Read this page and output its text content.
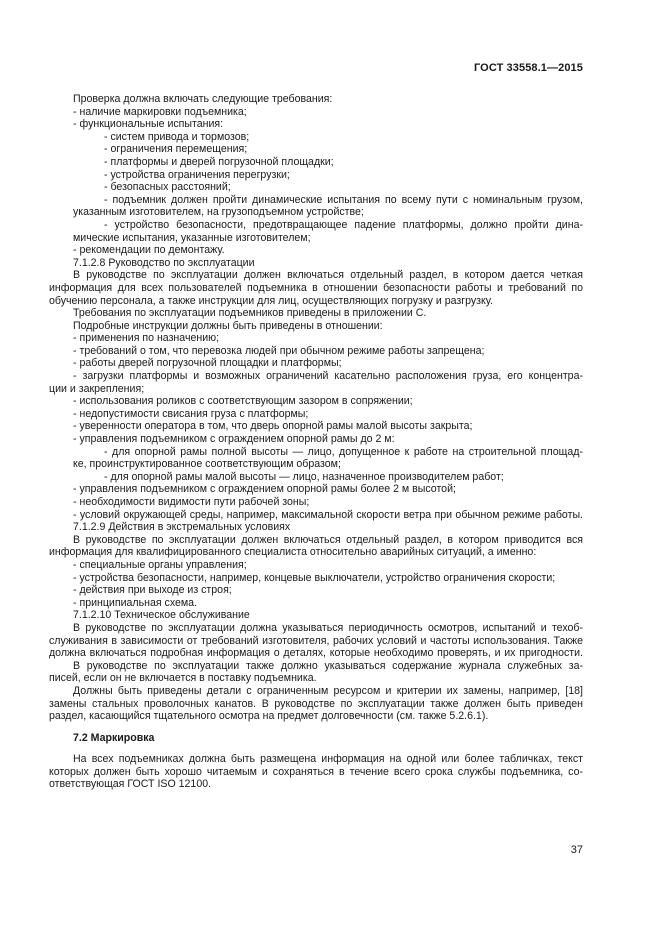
ГОСТ 33558.1—2015
Проверка должна включать следующие требования:
- наличие маркировки подъемника;
- функциональные испытания:
- систем привода и тормозов;
- ограничения перемещения;
- платформы и дверей погрузочной площадки;
- устройства ограничения перегрузки;
- безопасных расстояний;
- подъемник должен пройти динамические испытания по всему пути с номинальным грузом,
указанным изготовителем, на грузоподъемном устройстве;
- устройство безопасности, предотвращающее падение платформы, должно пройти дина-
мические испытания, указанные изготовителем;
- рекомендации по демонтажу.
7.1.2.8 Руководство по эксплуатации
В руководстве по эксплуатации должен включаться отдельный раздел, в котором дается четкая
информация для всех пользователей подъемника в отношении безопасности работы и требований по
обучению персонала, а также инструкции для лиц, осуществляющих погрузку и разгрузку.
Требования по эксплуатации подъемников приведены в приложении С.
Подробные инструкции должны быть приведены в отношении:
- применения по назначению;
- требований о том, что перевозка людей при обычном режиме работы запрещена;
- работы дверей погрузочной площадки и платформы;
- загрузки платформы и возможных ограничений касательно расположения груза, его концентра-
ции и закрепления;
- использования роликов с соответствующим зазором в сопряжении;
- недопустимости свисания груза с платформы;
- уверенности оператора в том, что дверь опорной рамы малой высоты закрыта;
- управления подъемником с ограждением опорной рамы до 2 м:
- для опорной рамы полной высоты — лицо, допущенное к работе на строительной площад-
ке, проинструктированное соответствующим образом;
- для опорной рамы малой высоты — лицо, назначенное производителем работ;
- управления подъемником с ограждением опорной рамы более 2 м высотой;
- необходимости видимости пути рабочей зоны;
- условий окружающей среды, например, максимальной скорости ветра при обычном режиме работы.
7.1.2.9 Действия в экстремальных условиях
В руководстве по эксплуатации должен включаться отдельный раздел, в котором приводится вся
информация для квалифицированного специалиста относительно аварийных ситуаций, а именно:
- специальные органы управления;
- устройства безопасности, например, концевые выключатели, устройство ограничения скорости;
- действия при выходе из строя;
- принципиальная схема.
7.1.2.10 Техническое обслуживание
В руководстве по эксплуатации должна указываться периодичность осмотров, испытаний и техоб-
служивания в зависимости от требований изготовителя, рабочих условий и частоты использования. Также
должна включаться подробная информация о деталях, которые необходимо проверять, и их пригодности.
В руководстве по эксплуатации также должно указываться содержание журнала служебных за-
писей, если он не включается в поставку подъемника.
Должны быть приведены детали с ограниченным ресурсом и критерии их замены, например, [18]
замены стальных проволочных канатов. В руководстве по эксплуатации также должен быть приведен
раздел, касающийся тщательного осмотра на предмет долговечности (см. также 5.2.6.1).
7.2 Маркировка
На всех подъемниках должна быть размещена информация на одной или более табличках, текст
которых должен быть хорошо читаемым и сохраняться в течение всего срока службы подъемника, со-
ответствующая ГОСТ ISO 12100.
37
